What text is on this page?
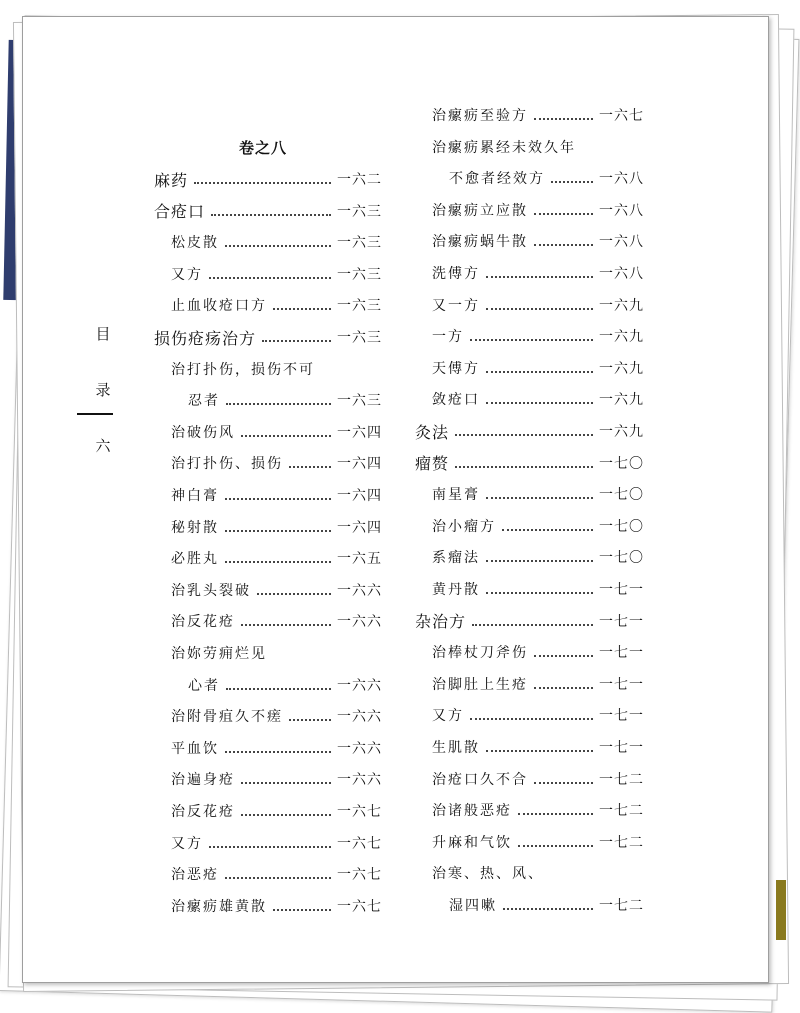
目
录
六
卷之八
麻药	一六二
合疮口	一六三
松皮散	一六三
又方	一六三
止血收疮口方	一六三
损伤疮疡治方	一六三
治打扑伤，损伤不可
忍者	一六三
治破伤风	一六四
治打扑伤、损伤	一六四
神白膏	一六四
秘射散	一六四
必胜丸	一六五
治乳头裂破	一六六
治反花疮	一六六
治妳劳痈烂见
心者	一六六
治附骨疽久不瘥	一六六
平血饮	一六六
治遍身疮	一六六
治反花疮	一六七
又方	一六七
治恶疮	一六七
治瘰疬雄黄散	一六七
治瘰疬至验方	一六七
治瘰疬累经未效久年
不愈者经效方	一六八
治瘰疬立应散	一六八
治瘰疬蜗牛散	一六八
洗傅方	一六八
又一方	一六九
一方	一六九
天傅方	一六九
敛疮口	一六九
灸法	一六九
瘤赘	一七〇
南星膏	一七〇
治小瘤方	一七〇
系瘤法	一七〇
黄丹散	一七一
杂治方	一七一
治棒杖刀斧伤	一七一
治脚肚上生疮	一七一
又方	一七一
生肌散	一七一
治疮口久不合	一七二
治诸般恶疮	一七二
升麻和气饮	一七二
治寒、热、风、
湿四嗽	一七二
